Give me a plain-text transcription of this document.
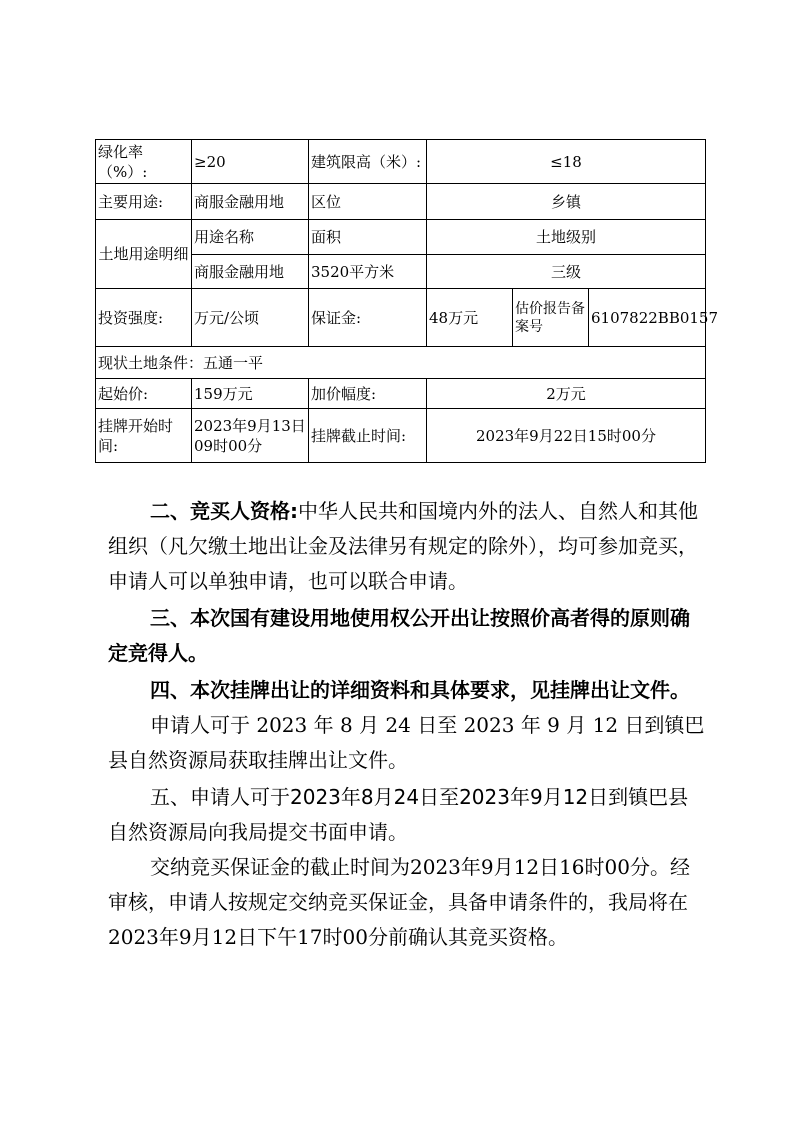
绿化率（%）:	≥20	建筑限高（米）:	≤18		
主要用途:	商服金融用地	区位	乡镇		
土地用途明细	用途名称	面积	土地级别		
	商服金融用地	3520平方米	三级		
投资强度:	万元/公顷	保证金:	48万元	估价报告备案号	6107822BB0157
现状土地条件：五通一平					
起始价:	159万元	加价幅度:	2万元		
挂牌开始时间:	2023年9月13日09时00分	挂牌截止时间:	2023年9月22日15时00分		

二、竞买人资格:中华人民共和国境内外的法人、自然人和其他组织（凡欠缴土地出让金及法律另有规定的除外），均可参加竞买，申请人可以单独申请，也可以联合申请。

三、本次国有建设用地使用权公开出让按照价高者得的原则确定竞得人。

四、本次挂牌出让的详细资料和具体要求，见挂牌出让文件。

申请人可于 2023 年 8 月 24 日至 2023 年 9 月 12 日到镇巴县自然资源局获取挂牌出让文件。

五、申请人可于2023年8月24日至2023年9月12日到镇巴县自然资源局向我局提交书面申请。

交纳竞买保证金的截止时间为2023年9月12日16时00分。经审核，申请人按规定交纳竞买保证金，具备申请条件的，我局将在2023年9月12日下午17时00分前确认其竞买资格。
